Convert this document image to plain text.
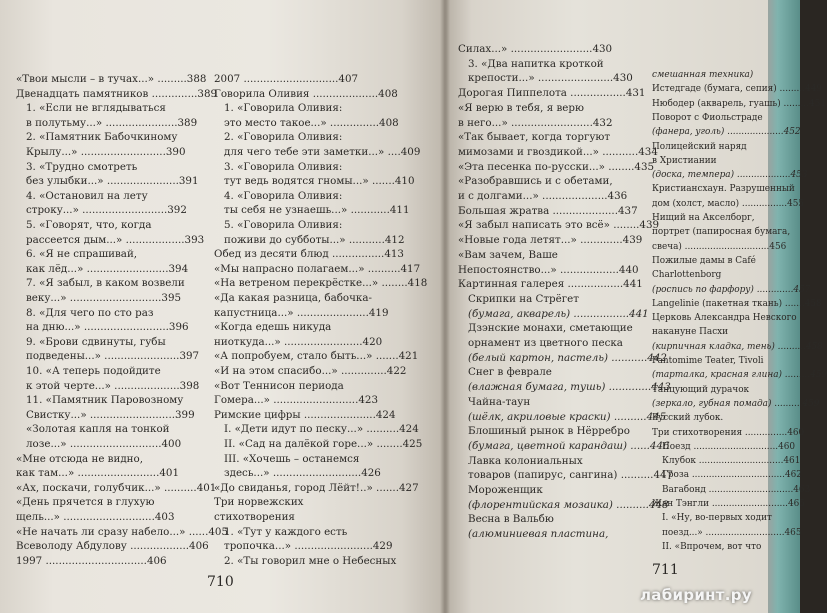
«Твои мысли – в тучах...» .........388
Двенадцать памятников ..............389
1. «Если не вглядываться
в полутьму...» ......................389
2. «Памятник Бабочкиному
Крылу...» ..........................390
3. «Трудно смотреть
без улыбки...» ......................391
4. «Остановил на лету
строку...» ..........................392
5. «Говорят, что, когда
рассеется дым...» ..................393
6. «Я не спрашивай,
как лёд...» .........................394
7. «Я забыл, в каком возвели
веку...» ............................395
8. «Для чего по сто раз
на дню...» ..........................396
9. «Брови сдвинуты, губы
подведены...» .......................397
10. «А теперь подойдите
к этой черте...» ....................398
11. «Памятник Паровозному
Свистку...» ..........................399
«Золотая капля на тонкой
лозе...» ............................400
«Мне отсюда не видно,
как там...» .........................401
«Ах, поскачи, голубчик...» ..........401
«День прячется в глухую
щель...» ............................403
«Не начать ли сразу набело...» ......405
Всеволоду Абдулову ..................406
1997 ...............................406
2007 .............................407
Говорила Оливия ....................408
1. «Говорила Оливия:
это место такое...» ...............408
2. «Говорила Оливия:
для чего тебе эти заметки...» ....409
3. «Говорила Оливия:
тут ведь водятся гномы...» .......410
4. «Говорила Оливия:
ты себя не узнаешь...» ............411
5. «Говорила Оливия:
поживи до субботы...» ...........412
Обед из десяти блюд ................413
«Мы напрасно полагаем...» ..........417
«На ветреном перекрёстке...» ........418
«Да какая разница, бабочка-
капустница...» ......................419
«Когда едешь никуда
ниоткуда...» ........................420
«А попробуем, стало быть...» .......421
«И на этом спасибо...» ..............422
«Вот Теннисон периода
Гомера...» ..........................423
Римские цифры ......................424
I. «Дети идут по песку...» ..........424
II. «Сад на далёкой горе...» ........425
III. «Хочешь – останемся
здесь...» ...........................426
«До свиданья, город Лёйт!..» .......427
Три норвежских
стихотворения
1. «Тут у каждого есть
тропочка...» ........................429
2. «Ты говорил мне о Небесных
Силах...» .........................430
3. «Два напитка кроткой
крепости...» .......................430
Дорогая Пиппелота .................431
«Я верю в тебя, я верю
в него...» .........................432
«Так бывает, когда торгуют
мимозами и гвоздикой...» ...........434
«Эта песенка по-русски...» ........435
«Разобравшись и с обетами,
и с долгами...» ....................436
Большая жратва ....................437
«Я забыл написать это всё» ........439
«Новые года летят...» .............439
«Вам зачем, Ваше
Непостоянство...» ..................440
Картинная галерея .................441
Скрипки на Стрёгет
(бумага, акварель) .................441
Дзэнские монахи, сметающие
орнамент из цветного песка
(белый картон, пастель) ...........442
Снег в феврале
(влажная бумага, тушь) .............443
Чайна-таун
(шёлк, акриловые краски) ..........445
Блошиный рынок в Нёрребро
(бумага, цветной карандаш) ......446
Лавка колониальных
товаров (папирус, сангина) ..........447
Мороженщик
(флорентийская мозаика) ..........448
Весна в Вальбю
(алюминиевая пластина,
смешанная техника)
Истедгаде (бумага, сепия) .........449
Нюбодер (акварель, гуашь) .........451
Поворот с Фиольстраде
(фанера, уголь) ....................452
Полицейский наряд
в Христиании
(доска, темпера) ...................453
Кристиансхаун. Разрушенный
дом (холст, масло) ................455
Нищий на Акселборг,
портрет (папиросная бумага,
свеча) ..............................456
Пожилые дамы в Café
Charlottenborg
(роспись по фарфору) .............457
Langelinie (пакетная ткань) .......458
Церковь Александра Невского
накануне Пасхи
(кирпичная кладка, тень) ..........458
Pantomime Teater, Tivoli
(тарталка, красная глина) .........459
Танцующий дурачок
(зеркало, губная помада) ..........459
Русский лубок.
Три стихотворения ...............460
Поезд ..............................460
Клубок ..............................461
Гроза .................................462
Вагабонд ..............................463
Жан Тэнгли ...........................465
I. «Ну, во-первых ходит
поезд...» ............................465
II. «Впрочем, вот что
710
711
лабиринт.ру
